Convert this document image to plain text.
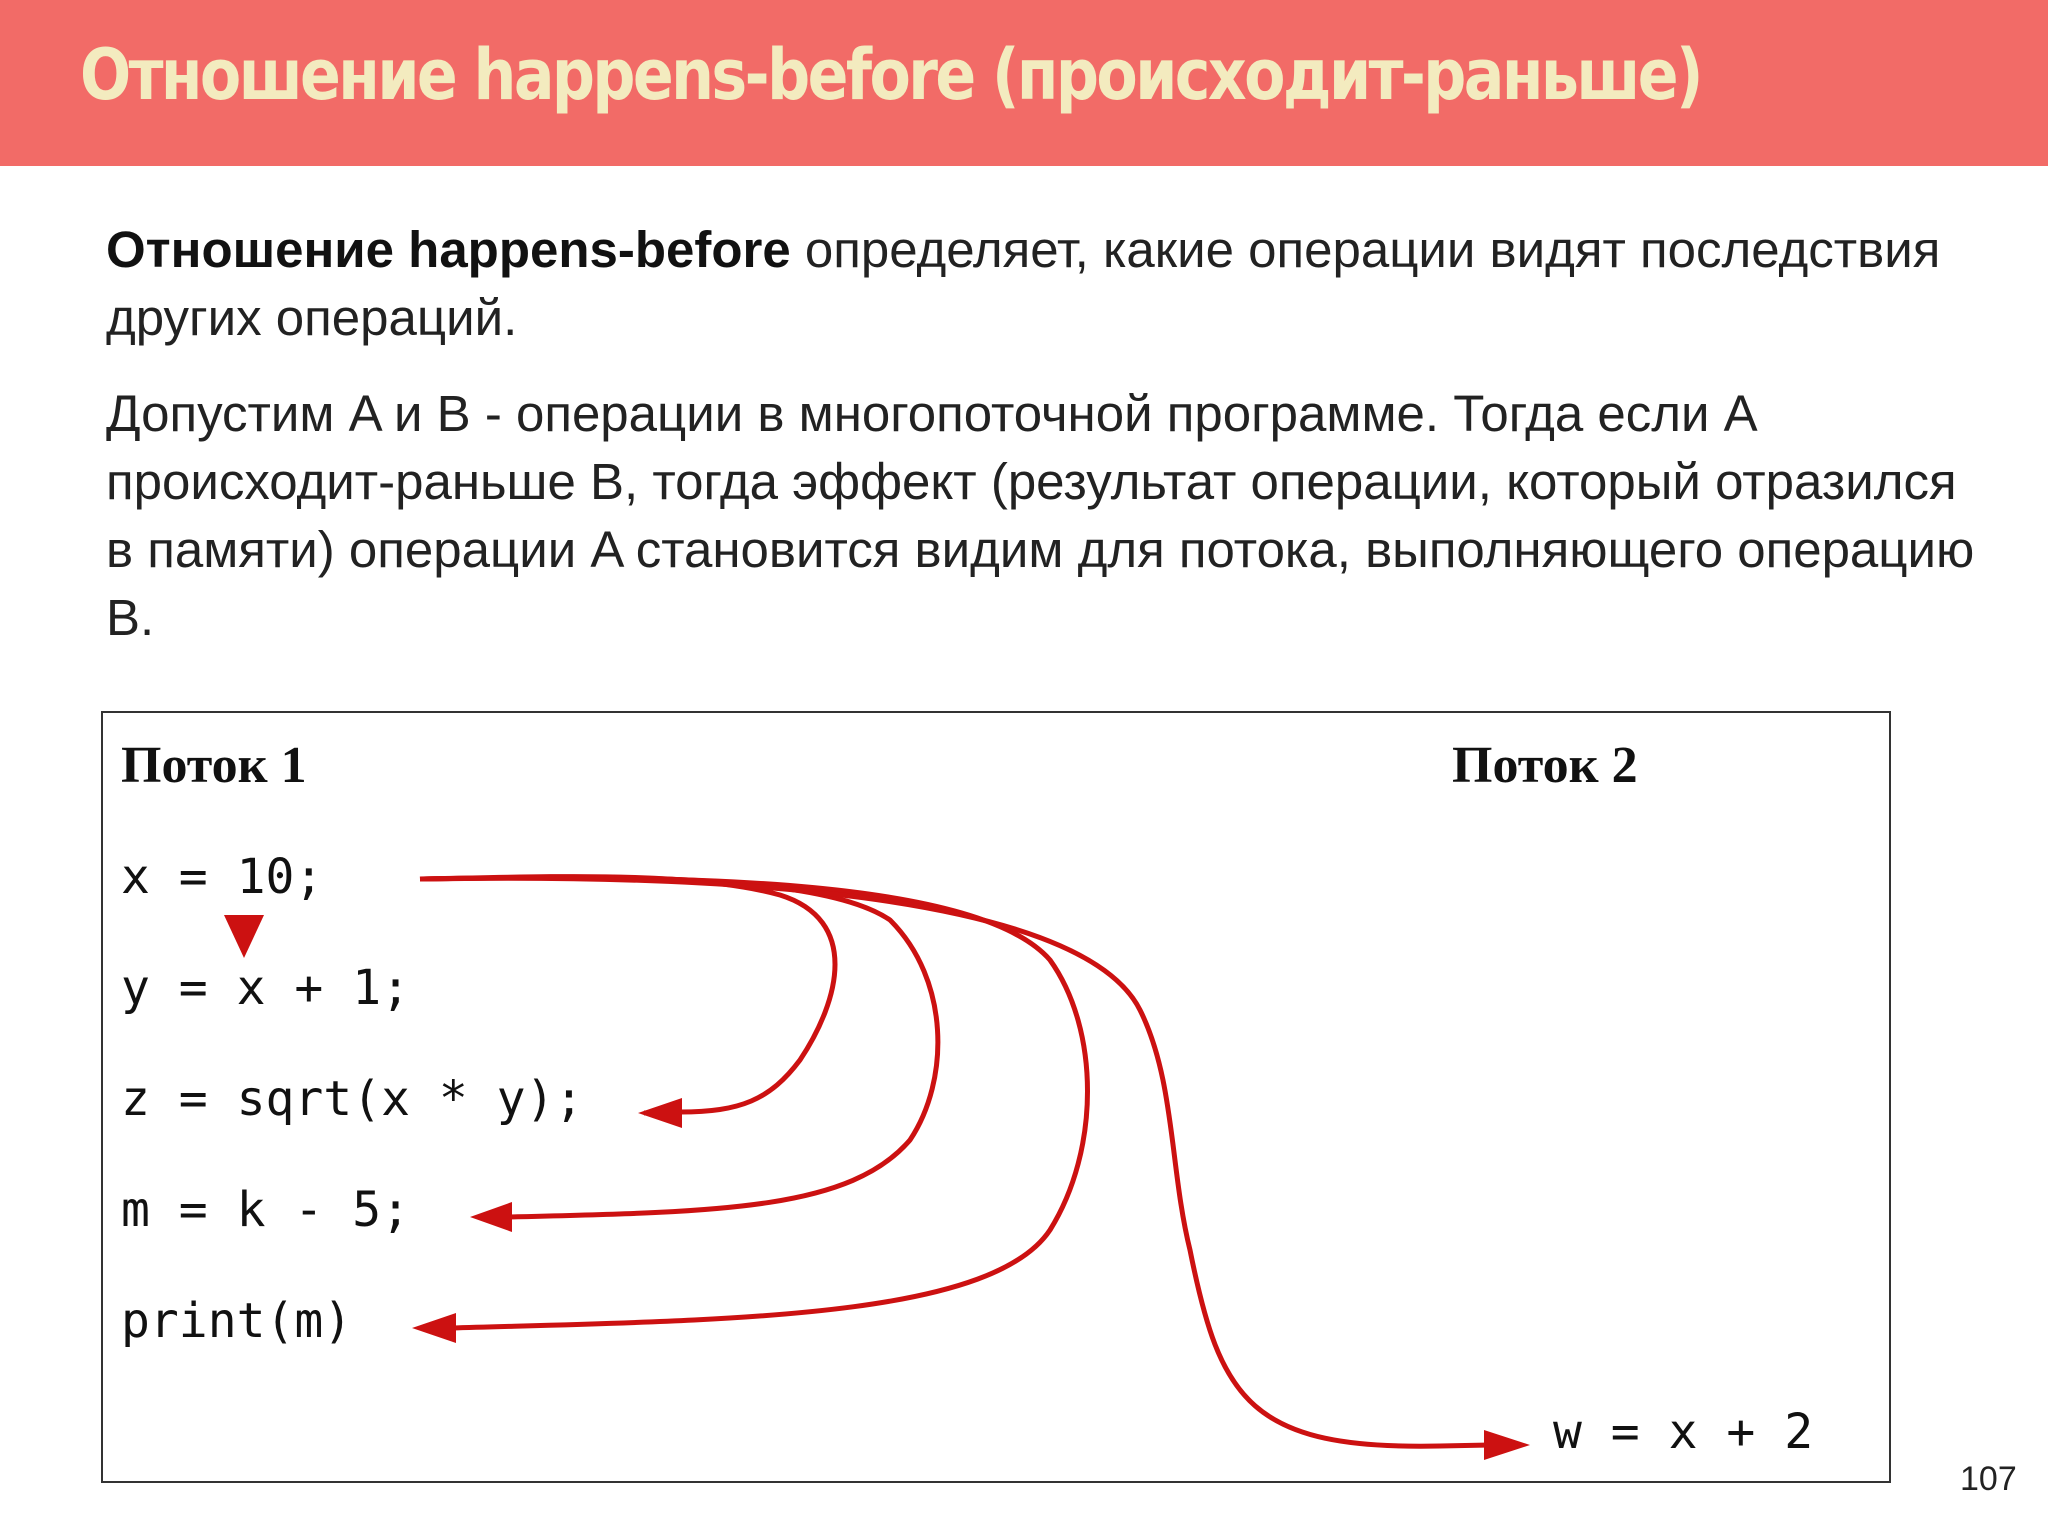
Отношение happens-before (происходит-раньше)

Отношение happens-before определяет, какие операции видят последствия других операций.

Допустим A и B - операции в многопоточной программе. Тогда если A происходит-раньше B, тогда эффект (результат операции, который отразился в памяти) операции A становится видим для потока, выполняющего операцию B.

Поток 1	Поток 2
x = 10;
y = x + 1;
z = sqrt(x * y);
m = k - 5;
print(m)
w = x + 2
107
